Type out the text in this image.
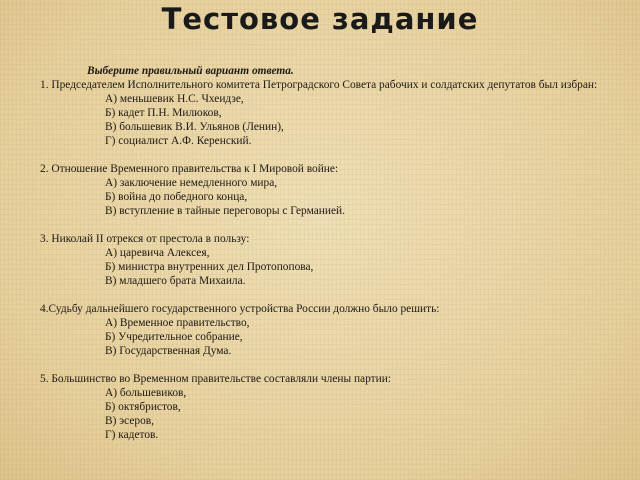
Тестовое задание
Выберите правильный вариант ответа.
1. Председателем Исполнительного комитета Петроградского Совета рабочих и солдатских депутатов был избран:
А) меньшевик Н.С. Чхеидзе,
Б) кадет П.Н. Милюков,
В) большевик В.И. Ульянов (Ленин),
Г) социалист А.Ф. Керенский.
2. Отношение Временного правительства к I Мировой войне:
А) заключение немедленного мира,
Б) война до победного конца,
В) вступление в тайные переговоры с Германией.
3. Николай II отрекся от престола в пользу:
А) царевича Алексея,
Б) министра внутренних дел Протопопова,
В) младшего брата Михаила.
4.Судьбу дальнейшего государственного устройства России должно было решить:
А) Временное правительство,
Б) Учредительное собрание,
В) Государственная Дума.
5. Большинство во Временном правительстве составляли члены партии:
А) большевиков,
Б) октябристов,
В) эсеров,
Г) кадетов.
